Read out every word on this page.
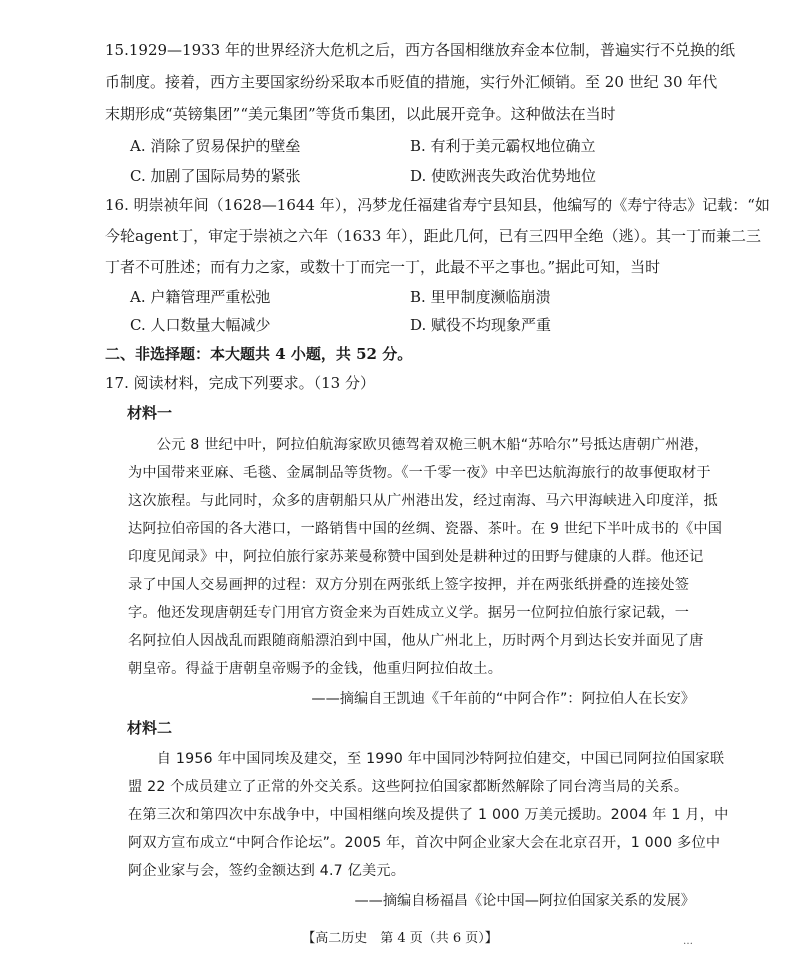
15.1929—1933 年的世界经济大危机之后，西方各国相继放弃金本位制，普遍实行不兑换的纸
币制度。接着，西方主要国家纷纷采取本币贬值的措施，实行外汇倾销。至 20 世纪 30 年代
末期形成“英镑集团”“美元集团”等货币集团，以此展开竞争。这种做法在当时
A. 消除了贸易保护的壁垒	B. 有利于美元霸权地位确立
C. 加剧了国际局势的紧张	D. 使欧洲丧失政治优势地位
16. 明崇祯年间（1628—1644 年），冯梦龙任福建省寿宁县知县，他编写的《寿宁待志》记载：“如
今轮agent丁，审定于崇祯之六年（1633 年），距此几何，已有三四甲全绝（逃）。其一丁而兼二三
丁者不可胜述；而有力之家，或数十丁而完一丁，此最不平之事也。”据此可知，当时
A. 户籍管理严重松弛	B. 里甲制度濒临崩溃
C. 人口数量大幅减少	D. 赋役不均现象严重
二、非选择题：本大题共 4 小题，共 52 分。
17. 阅读材料，完成下列要求。（13 分）
材料一
　　公元 8 世纪中叶，阿拉伯航海家欧贝德驾着双桅三帆木船“苏哈尔”号抵达唐朝广州港，
为中国带来亚麻、毛毯、金属制品等货物。《一千零一夜》中辛巴达航海旅行的故事便取材于
这次旅程。与此同时，众多的唐朝船只从广州港出发，经过南海、马六甲海峡进入印度洋，抵
达阿拉伯帝国的各大港口，一路销售中国的丝绸、瓷器、茶叶。在 9 世纪下半叶成书的《中国
印度见闻录》中，阿拉伯旅行家苏莱曼称赞中国到处是耕种过的田野与健康的人群。他还记
录了中国人交易画押的过程：双方分别在两张纸上签字按押，并在两张纸拼叠的连接处签
字。他还发现唐朝廷专门用官方资金来为百姓成立义学。据另一位阿拉伯旅行家记载，一
名阿拉伯人因战乱而跟随商船漂泊到中国，他从广州北上，历时两个月到达长安并面见了唐
朝皇帝。得益于唐朝皇帝赐予的金钱，他重归阿拉伯故土。
——摘编自王凯迪《千年前的“中阿合作”：阿拉伯人在长安》
材料二
　　自 1956 年中国同埃及建交，至 1990 年中国同沙特阿拉伯建交，中国已同阿拉伯国家联
盟 22 个成员建立了正常的外交关系。这些阿拉伯国家都断然解除了同台湾当局的关系。
在第三次和第四次中东战争中，中国相继向埃及提供了 1 000 万美元援助。2004 年 1 月，中
阿双方宣布成立“中阿合作论坛”。2005 年，首次中阿企业家大会在北京召开，1 000 多位中
阿企业家与会，签约金额达到 4.7 亿美元。
——摘编自杨福昌《论中国—阿拉伯国家关系的发展》
【高二历史　第 4 页（共 6 页）】	…
